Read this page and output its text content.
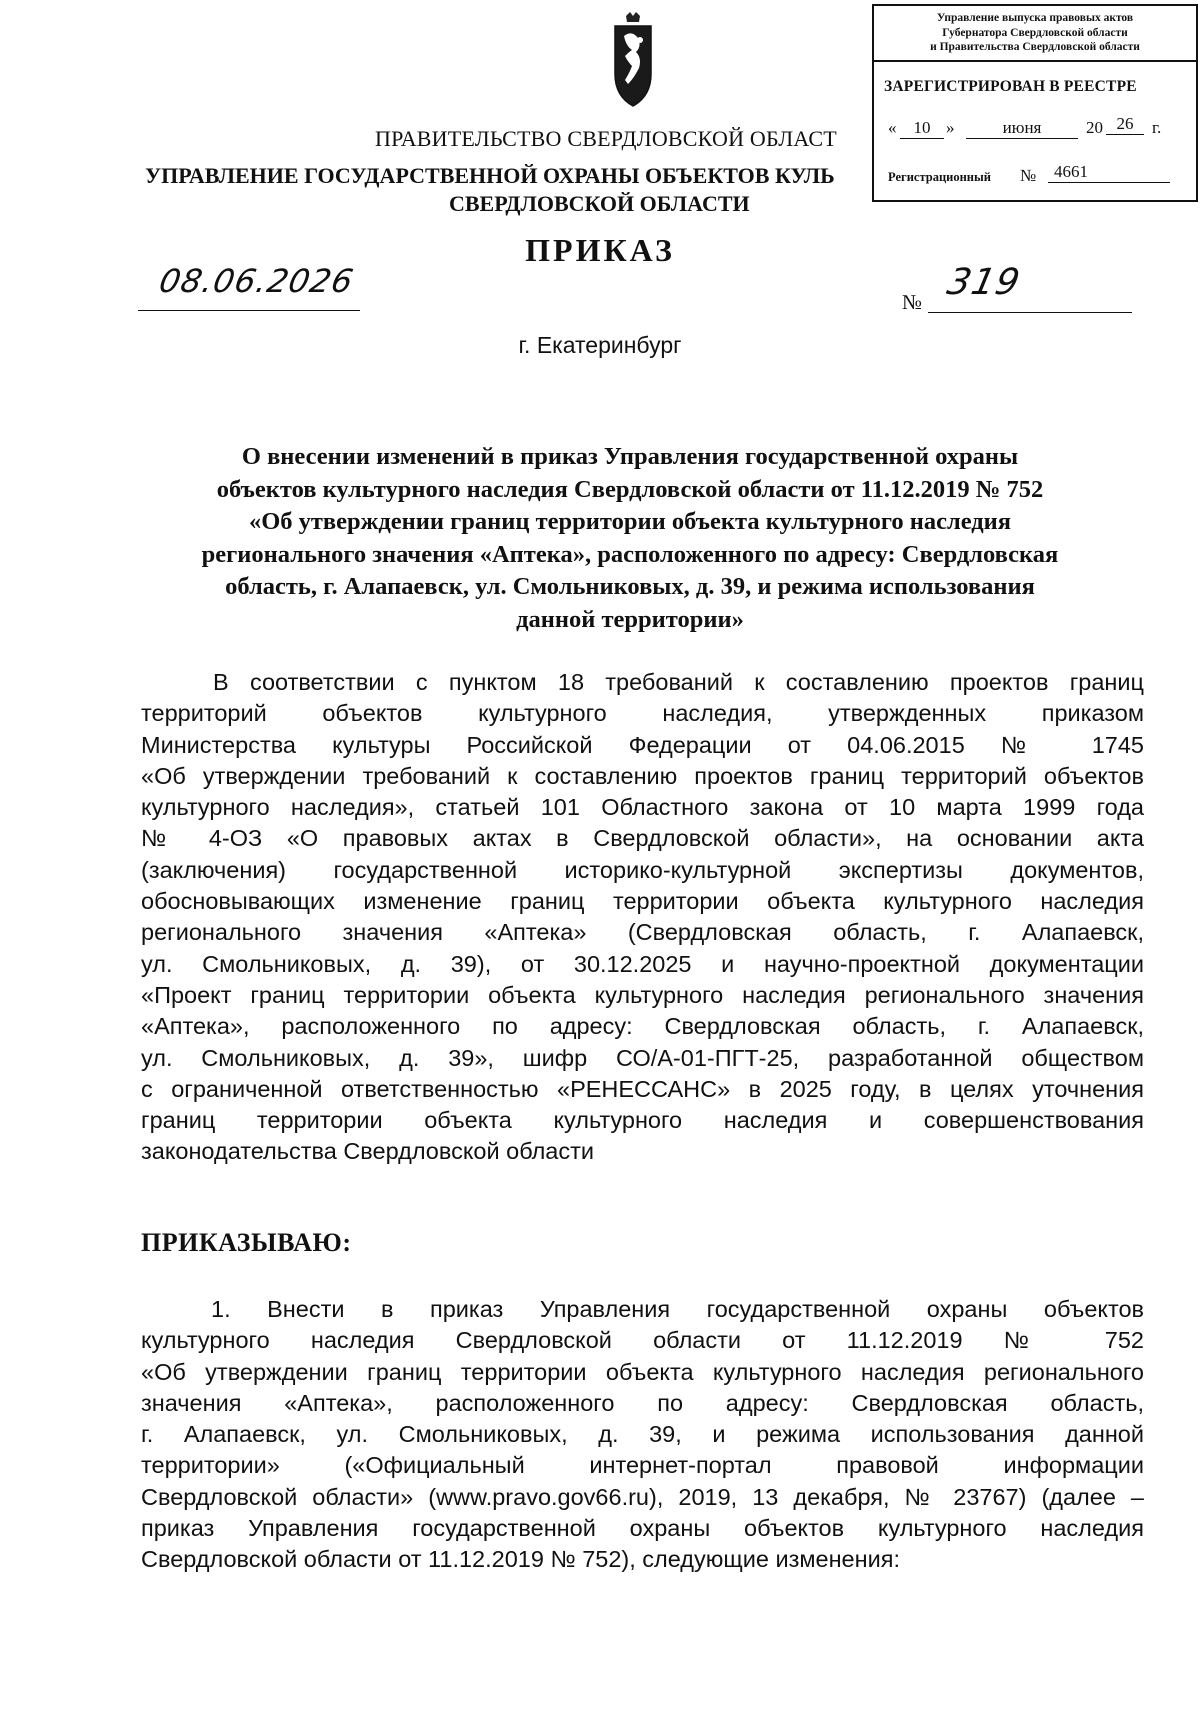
Управление выпуска правовых актов
Губернатора Свердловской области
и Правительства Свердловской области
ЗАРЕГИСТРИРОВАН В РЕЕСТРЕ
«	10 »	июня	20 26	г.
Регистрационный №	4661
ПРАВИТЕЛЬСТВО СВЕРДЛОВСКОЙ ОБЛАСТ
УПРАВЛЕНИЕ ГОСУДАРСТВЕННОЙ ОХРАНЫ ОБЪЕКТОВ КУЛЬ
СВЕРДЛОВСКОЙ ОБЛАСТИ
ПРИКАЗ
08.06.2026
№ 319
г. Екатеринбург
О внесении изменений в приказ Управления государственной охраны
объектов культурного наследия Свердловской области от 11.12.2019 № 752
«Об утверждении границ территории объекта культурного наследия
регионального значения «Аптека», расположенного по адресу: Свердловская
область, г. Алапаевск, ул. Смольниковых, д. 39, и режима использования
данной территории»
В соответствии с пунктом 18 требований к составлению проектов границ
территорий объектов культурного наследия, утвержденных приказом
Министерства культуры Российской Федерации от 04.06.2015 № 1745
«Об утверждении требований к составлению проектов границ территорий объектов
культурного наследия», статьей 101 Областного закона от 10 марта 1999 года
№ 4-ОЗ «О правовых актах в Свердловской области», на основании акта
(заключения) государственной историко-культурной экспертизы документов,
обосновывающих изменение границ территории объекта культурного наследия
регионального значения «Аптека» (Свердловская область, г. Алапаевск,
ул. Смольниковых, д. 39), от 30.12.2025 и научно-проектной документации
«Проект границ территории объекта культурного наследия регионального значения
«Аптека», расположенного по адресу: Свердловская область, г. Алапаевск,
ул. Смольниковых, д. 39», шифр СО/А-01-ПГТ-25, разработанной обществом
с ограниченной ответственностью «РЕНЕССАНС» в 2025 году, в целях уточнения
границ территории объекта культурного наследия и совершенствования
законодательства Свердловской области
ПРИКАЗЫВАЮ:
1. Внести в приказ Управления государственной охраны объектов
культурного наследия Свердловской области от 11.12.2019 № 752
«Об утверждении границ территории объекта культурного наследия регионального
значения «Аптека», расположенного по адресу: Свердловская область,
г. Алапаевск, ул. Смольниковых, д. 39, и режима использования данной
территории» («Официальный интернет-портал правовой информации
Свердловской области» (www.pravo.gov66.ru), 2019, 13 декабря, № 23767) (далее –
приказ Управления государственной охраны объектов культурного наследия
Свердловской области от 11.12.2019 № 752), следующие изменения:
